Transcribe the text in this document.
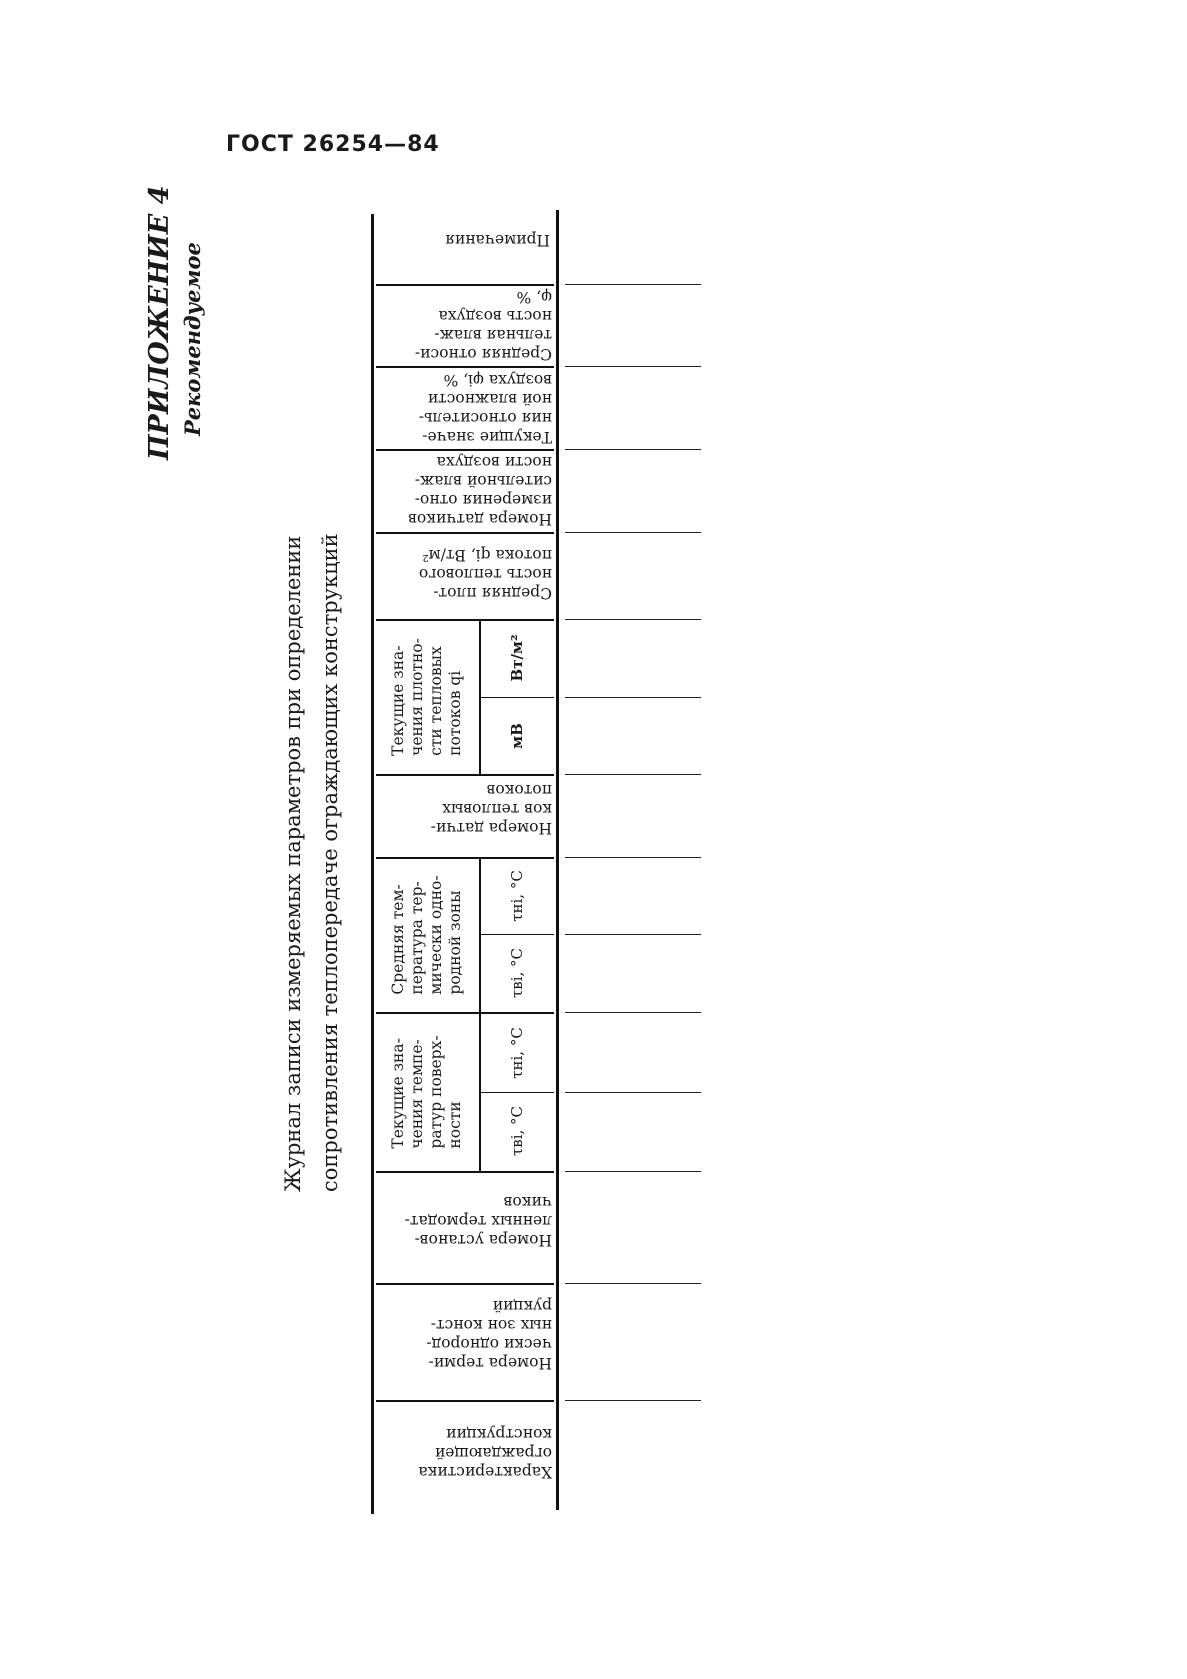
ГОСТ 26254—84
ПРИЛОЖЕНИЕ 4 Рекомендуемое
Журнал записи измеряемых параметров при определении сопротивления теплопередаче ограждающих конструкций
Примечания
Средняя относи-
тельная влаж-
ность воздуха
φ, %
Текущие значе-
ния относитель-
ной влажности
воздуха φi, %
Номера датчиков
измерения отно-
сительной влаж-
ности воздуха
Средняя плот-
ность теплового
потока qi, Вт/м²
Номера датчи-
ков тепловых
потоков
Номера установ-
ленных термодат-
чиков
Номера терми-
чески однород-
ных зон конст-
рукций
Характеристика
ограждающей
конструкции
Текущие зна-
чения плотно-
сти тепловых
потоков qi
Средняя тем-
пература тер-
мически одно-
родной зоны
Текущие зна-
чения темпе-
ратур поверх-
ности
Вт/м²
мВ
τнi, °С
τвi, °С
τнi, °С
τвi, °С
